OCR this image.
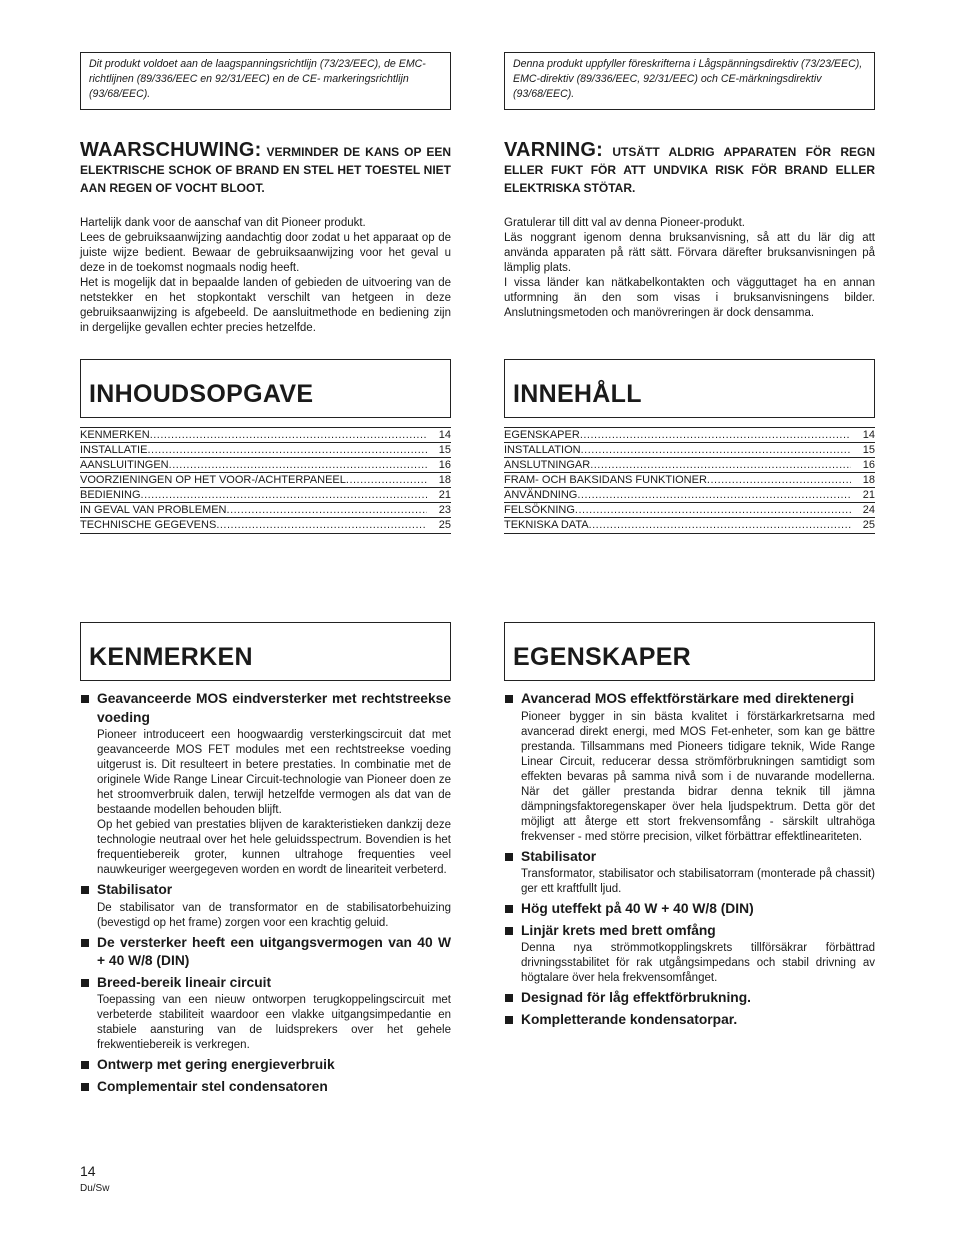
Dit produkt voldoet aan de laagspanningsrichtlijn (73/23/EEC), de EMC-richtlijnen (89/336/EEC en 92/31/EEC) en de CE- markeringsrichtlijn (93/68/EEC).
WAARSCHUWING: VERMINDER DE KANS OP EEN ELEKTRISCHE SCHOK OF BRAND EN STEL HET TOESTEL NIET AAN REGEN OF VOCHT BLOOT.

Hartelijk dank voor de aanschaf van dit Pioneer produkt.

Lees de gebruiksaanwijzing aandachtig door zodat u het apparaat op de juiste wijze bedient. Bewaar de gebruiksaanwijzing voor het geval u deze in de toekomst nogmaals nodig heeft.

Het is mogelijk dat in bepaalde landen of gebieden de uitvoering van de netstekker en het stopkontakt verschilt van hetgeen in deze gebruiksaanwijzing is afgebeeld. De aansluitmethode en bediening zijn in dergelijke gevallen echter precies hetzelfde.

INHOUDSOPGAVE
KENMERKEN .....	14
INSTALLATIE .....	15
AANSLUITINGEN .....	16
VOORZIENINGEN OP HET VOOR-/ACHTERPANEEL .....	18
BEDIENING .....	21
IN GEVAL VAN PROBLEMEN .....	23
TECHNISCHE GEGEVENS .....	25
KENMERKEN
Geavanceerde MOS eindversterker met rechtstreekse voeding

Pioneer introduceert een hoogwaardig versterkingscircuit dat met geavanceerde MOS FET modules met een rechtstreekse voeding uitgerust is. Dit resulteert in betere prestaties. In combinatie met de originele Wide Range Linear Circuit-technologie van Pioneer doen ze het stroomverbruik dalen, terwijl hetzelfde vermogen als dat van de bestaande modellen behouden blijft.

Op het gebied van prestaties blijven de karakteristieken dankzij deze technologie neutraal over het hele geluidsspectrum. Bovendien is het frequentiebereik groter, kunnen ultrahoge frequenties veel nauwkeuriger weergegeven worden en wordt de lineariteit verbeterd.

Stabilisator

De stabilisator van de transformator en de stabilisatorbehuizing (bevestigd op het frame) zorgen voor een krachtig geluid.

De versterker heeft een uitgangsvermogen van 40 W + 40 W/8 (DIN)
Breed-bereik lineair circuit

Toepassing van een nieuw ontworpen terugkoppelingscircuit met verbeterde stabiliteit waardoor een vlakke uitgangsimpedantie en stabiele aansturing van de luidsprekers over het gehele frekwentiebereik is verkregen.

Ontwerp met gering energieverbruik
Complementair stel condensatoren
Denna produkt uppfyller föreskrifterna i Lågspänningsdirektiv (73/23/EEC), EMC-direktiv (89/336/EEC, 92/31/EEC) och CE-märkningsdirektiv (93/68/EEC).
VARNING: UTSÄTT ALDRIG APPARATEN FÖR REGN ELLER FUKT FÖR ATT UNDVIKA RISK FÖR BRAND ELLER ELEKTRISKA STÖTAR.

Gratulerar till ditt val av denna Pioneer-produkt.

Läs noggrant igenom denna bruksanvisning, så att du lär dig att använda apparaten på rätt sätt. Förvara därefter bruksanvisningen på lämplig plats.

I vissa länder kan nätkabelkontakten och vägguttaget ha en annan utformning än den som visas i bruksanvisningens bilder. Anslutningsmetoden och manövreringen är dock densamma.

INNEHÅLL
EGENSKAPER .....	14
INSTALLATION .....	15
ANSLUTNINGAR .....	16
FRAM- OCH BAKSIDANS FUNKTIONER .....	18
ANVÄNDNING .....	21
FELSÖKNING .....	24
TEKNISKA DATA .....	25
EGENSKAPER
Avancerad MOS effektförstärkare med direktenergi

Pioneer bygger in sin bästa kvalitet i förstärkarkretsarna med avancerad direkt energi, med MOS Fet-enheter, som kan ge bättre prestanda. Tillsammans med Pioneers tidigare teknik, Wide Range Linear Circuit, reducerar dessa strömförbrukningen samtidigt som effekten bevaras på samma nivå som i de nuvarande modellerna. När det gäller prestanda bidrar denna teknik till jämna dämpningsfaktoregenskaper över hela ljudspektrum. Detta gör det möjligt att återge ett stort frekvensomfång - särskilt ultrahöga frekvenser - med större precision, vilket förbättrar effektlineariteten.

Stabilisator

Transformator, stabilisator och stabilisatorram (monterade på chassit) ger ett kraftfullt ljud.

Hög uteffekt på 40 W + 40 W/8 (DIN)
Linjär krets med brett omfång

Denna nya strömmotkopplingskrets tillförsäkrar förbättrad drivningsstabilitet för rak utgångsimpedans och stabil drivning av högtalare över hela frekvensomfånget.

Designad för låg effektförbrukning.
Kompletterande kondensatorpar.
14
Du/Sw
